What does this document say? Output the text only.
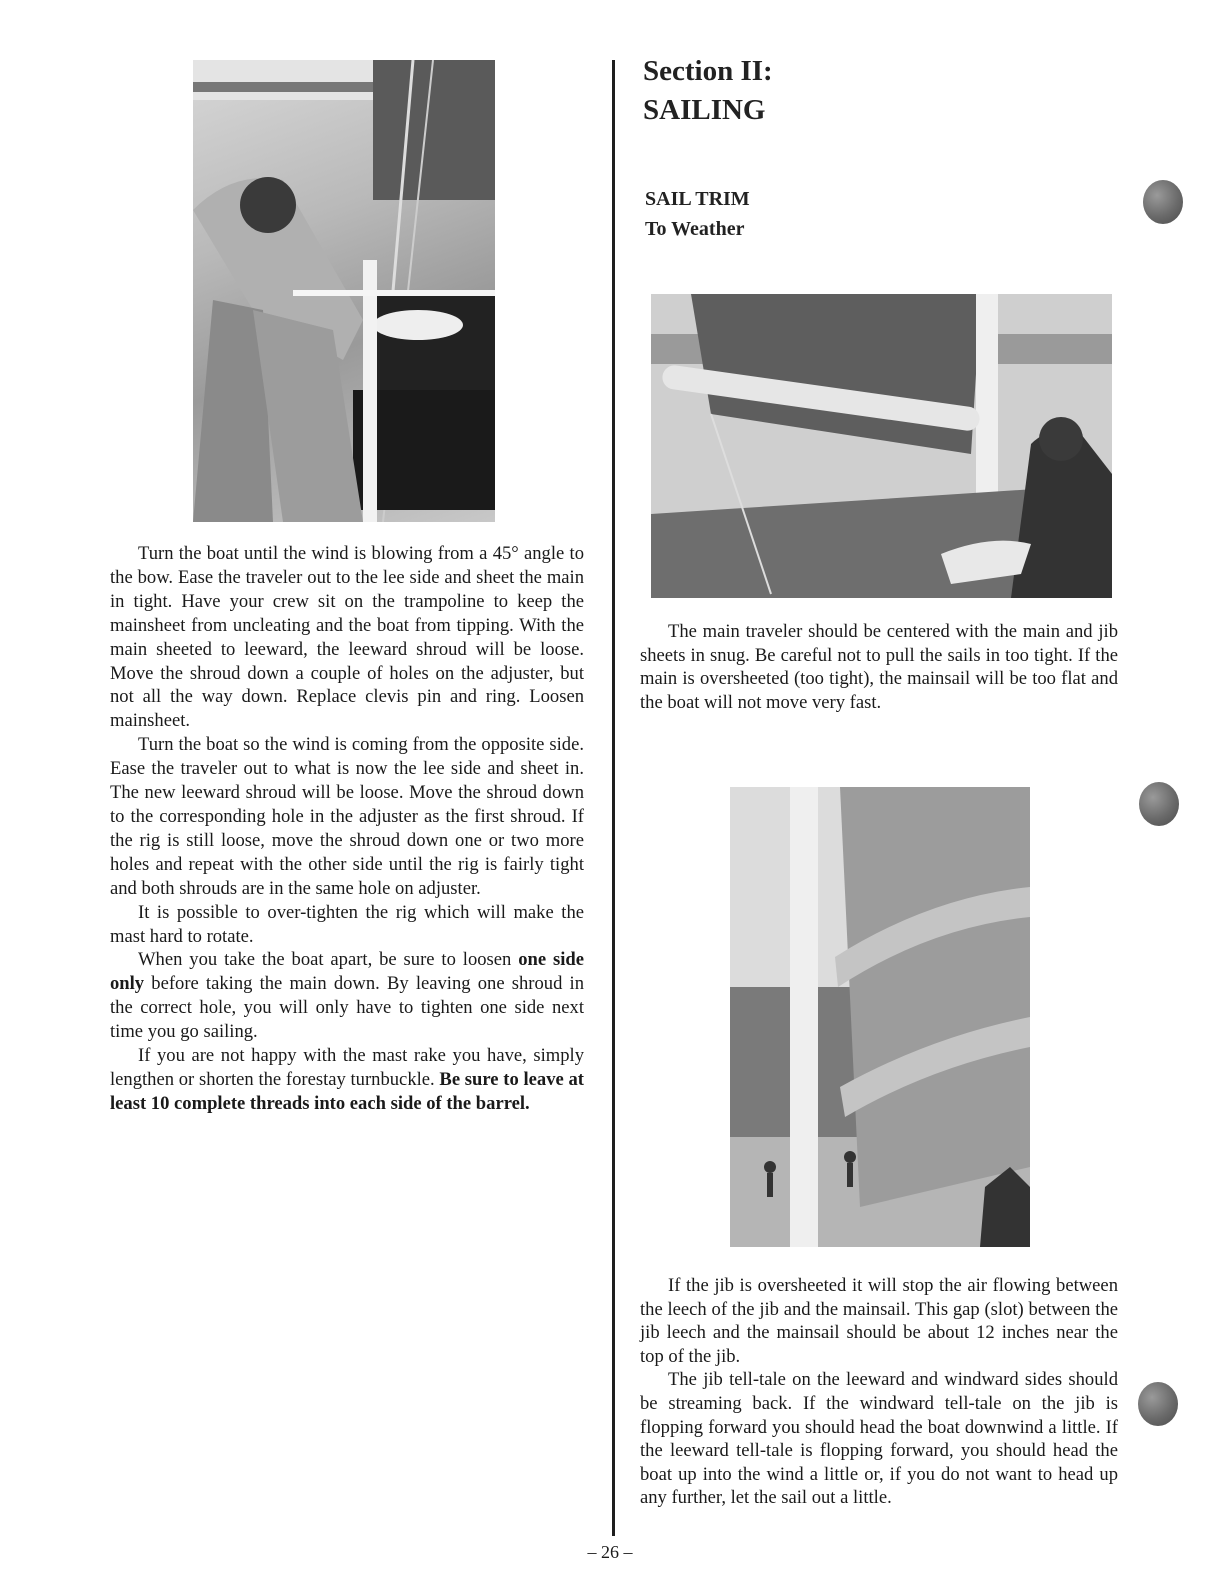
Turn the boat until the wind is blowing from a 45° angle to the bow. Ease the traveler out to the lee side and sheet the main in tight. Have your crew sit on the trampoline to keep the mainsheet from uncleating and the boat from tipping. With the main sheeted to leeward, the leeward shroud will be loose. Move the shroud down a couple of holes on the adjuster, but not all the way down. Replace clevis pin and ring. Loosen mainsheet.

Turn the boat so the wind is coming from the opposite side. Ease the traveler out to what is now the lee side and sheet in. The new leeward shroud will be loose. Move the shroud down to the corresponding hole in the adjuster as the first shroud. If the rig is still loose, move the shroud down one or two more holes and repeat with the other side until the rig is fairly tight and both shrouds are in the same hole on adjuster.

It is possible to over-tighten the rig which will make the mast hard to rotate.

When you take the boat apart, be sure to loosen one side only before taking the main down. By leaving one shroud in the correct hole, you will only have to tighten one side next time you go sailing.

If you are not happy with the mast rake you have, simply lengthen or shorten the forestay turnbuckle. Be sure to leave at least 10 complete threads into each side of the barrel.

Section II:
SAILING
SAIL TRIM
To Weather

The main traveler should be centered with the main and jib sheets in snug. Be careful not to pull the sails in too tight. If the main is oversheeted (too tight), the mainsail will be too flat and the boat will not move very fast.

If the jib is oversheeted it will stop the air flowing between the leech of the jib and the mainsail. This gap (slot) between the jib leech and the mainsail should be about 12 inches near the top of the jib.

The jib tell-tale on the leeward and windward sides should be streaming back. If the windward tell-tale on the jib is flopping forward you should head the boat downwind a little. If the leeward tell-tale is flopping forward, you should head the boat up into the wind a little or, if you do not want to head up any further, let the sail out a little.

– 26 –
